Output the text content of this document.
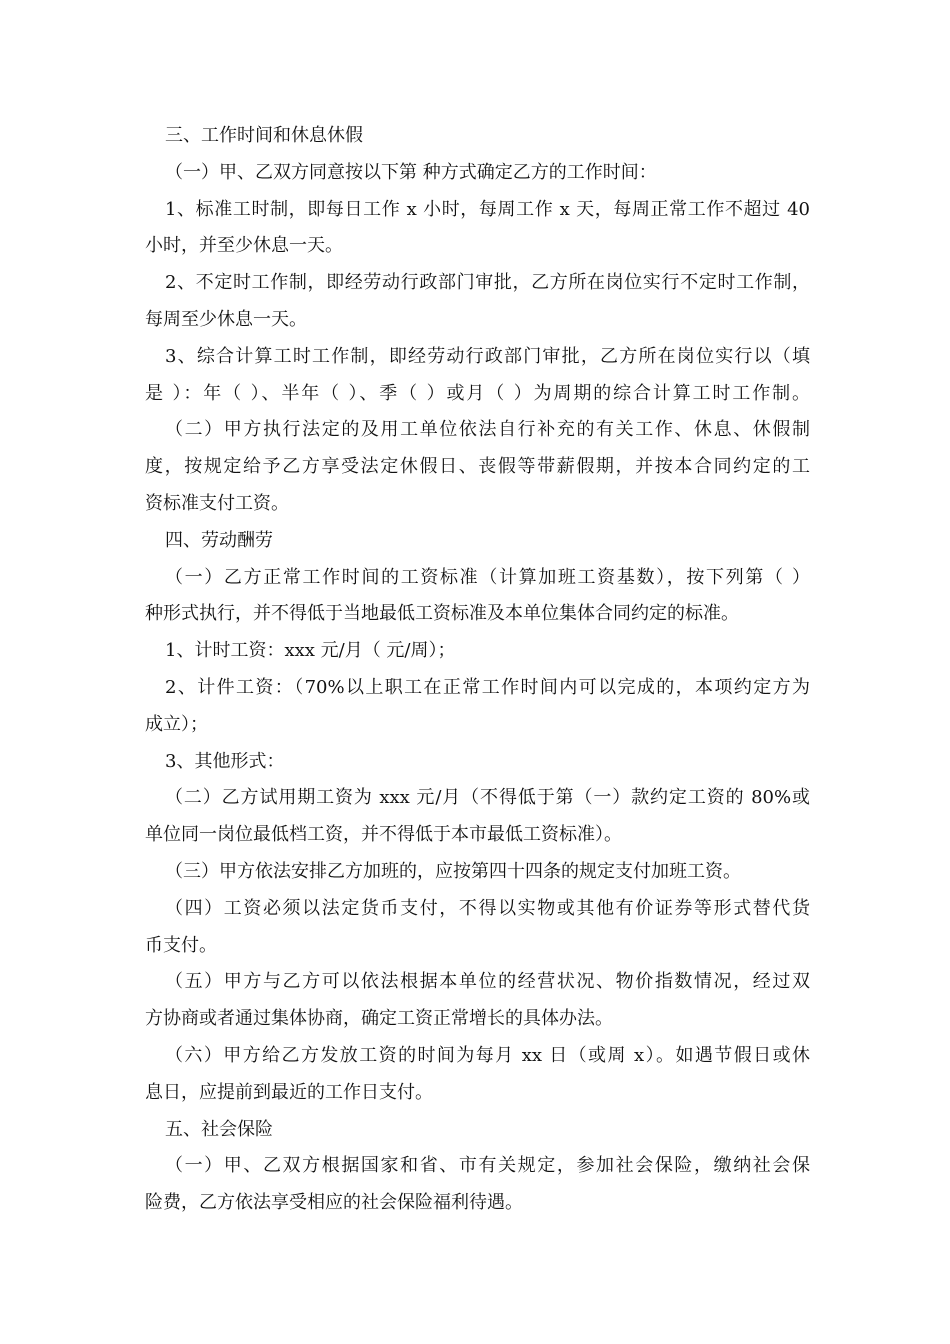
三、工作时间和休息休假
（一）甲、乙双方同意按以下第 种方式确定乙方的工作时间：
1、标准工时制，即每日工作 x 小时，每周工作 x 天，每周正常工作不超过 40
小时，并至少休息一天。
2、不定时工作制，即经劳动行政部门审批，乙方所在岗位实行不定时工作制，
每周至少休息一天。
3、综合计算工时工作制，即经劳动行政部门审批，乙方所在岗位实行以（填
是 ）：年（ ）、半年（ ）、季（ ）或月（ ）为周期的综合计算工时工作制。
（二）甲方执行法定的及用工单位依法自行补充的有关工作、休息、休假制
度，按规定给予乙方享受法定休假日、丧假等带薪假期，并按本合同约定的工
资标准支付工资。
四、劳动酬劳
（一）乙方正常工作时间的工资标准（计算加班工资基数），按下列第（ ）
种形式执行，并不得低于当地最低工资标准及本单位集体合同约定的标准。
1、计时工资：xxx 元/月（ 元/周）；
2、计件工资：（70%以上职工在正常工作时间内可以完成的，本项约定方为
成立）；
3、其他形式：
（二）乙方试用期工资为 xxx 元/月（不得低于第（一）款约定工资的 80%或
单位同一岗位最低档工资，并不得低于本市最低工资标准）。
（三）甲方依法安排乙方加班的，应按第四十四条的规定支付加班工资。
（四）工资必须以法定货币支付，不得以实物或其他有价证券等形式替代货
币支付。
（五）甲方与乙方可以依法根据本单位的经营状况、物价指数情况，经过双
方协商或者通过集体协商，确定工资正常增长的具体办法。
（六）甲方给乙方发放工资的时间为每月 xx 日（或周 x）。如遇节假日或休
息日，应提前到最近的工作日支付。
五、社会保险
（一）甲、乙双方根据国家和省、市有关规定，参加社会保险，缴纳社会保
险费，乙方依法享受相应的社会保险福利待遇。
